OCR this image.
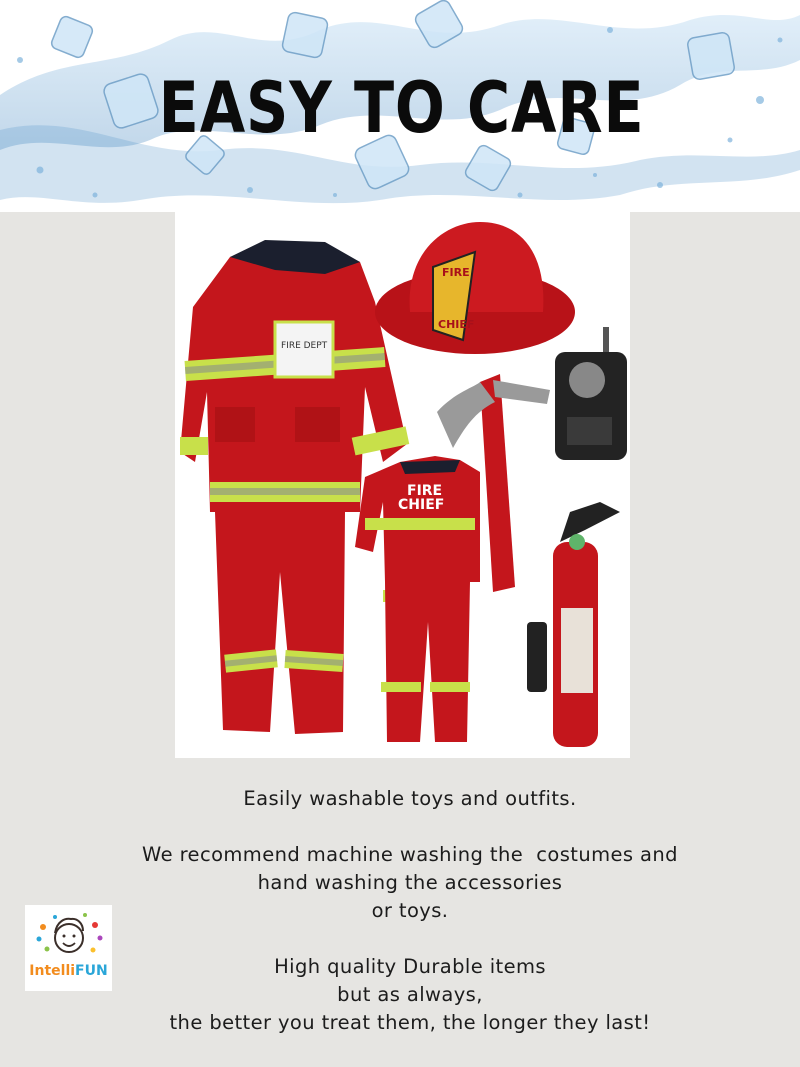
EASY TO CARE
FIRE DEPT
FIRE
CHIEF
FIRE
CHIEF
Easily washable toys and outfits.
We recommend machine washing the  costumes and
hand washing the accessories
or toys.
High quality Durable items
but as always,
the better you treat them, the longer they last!
IntelliFUN
